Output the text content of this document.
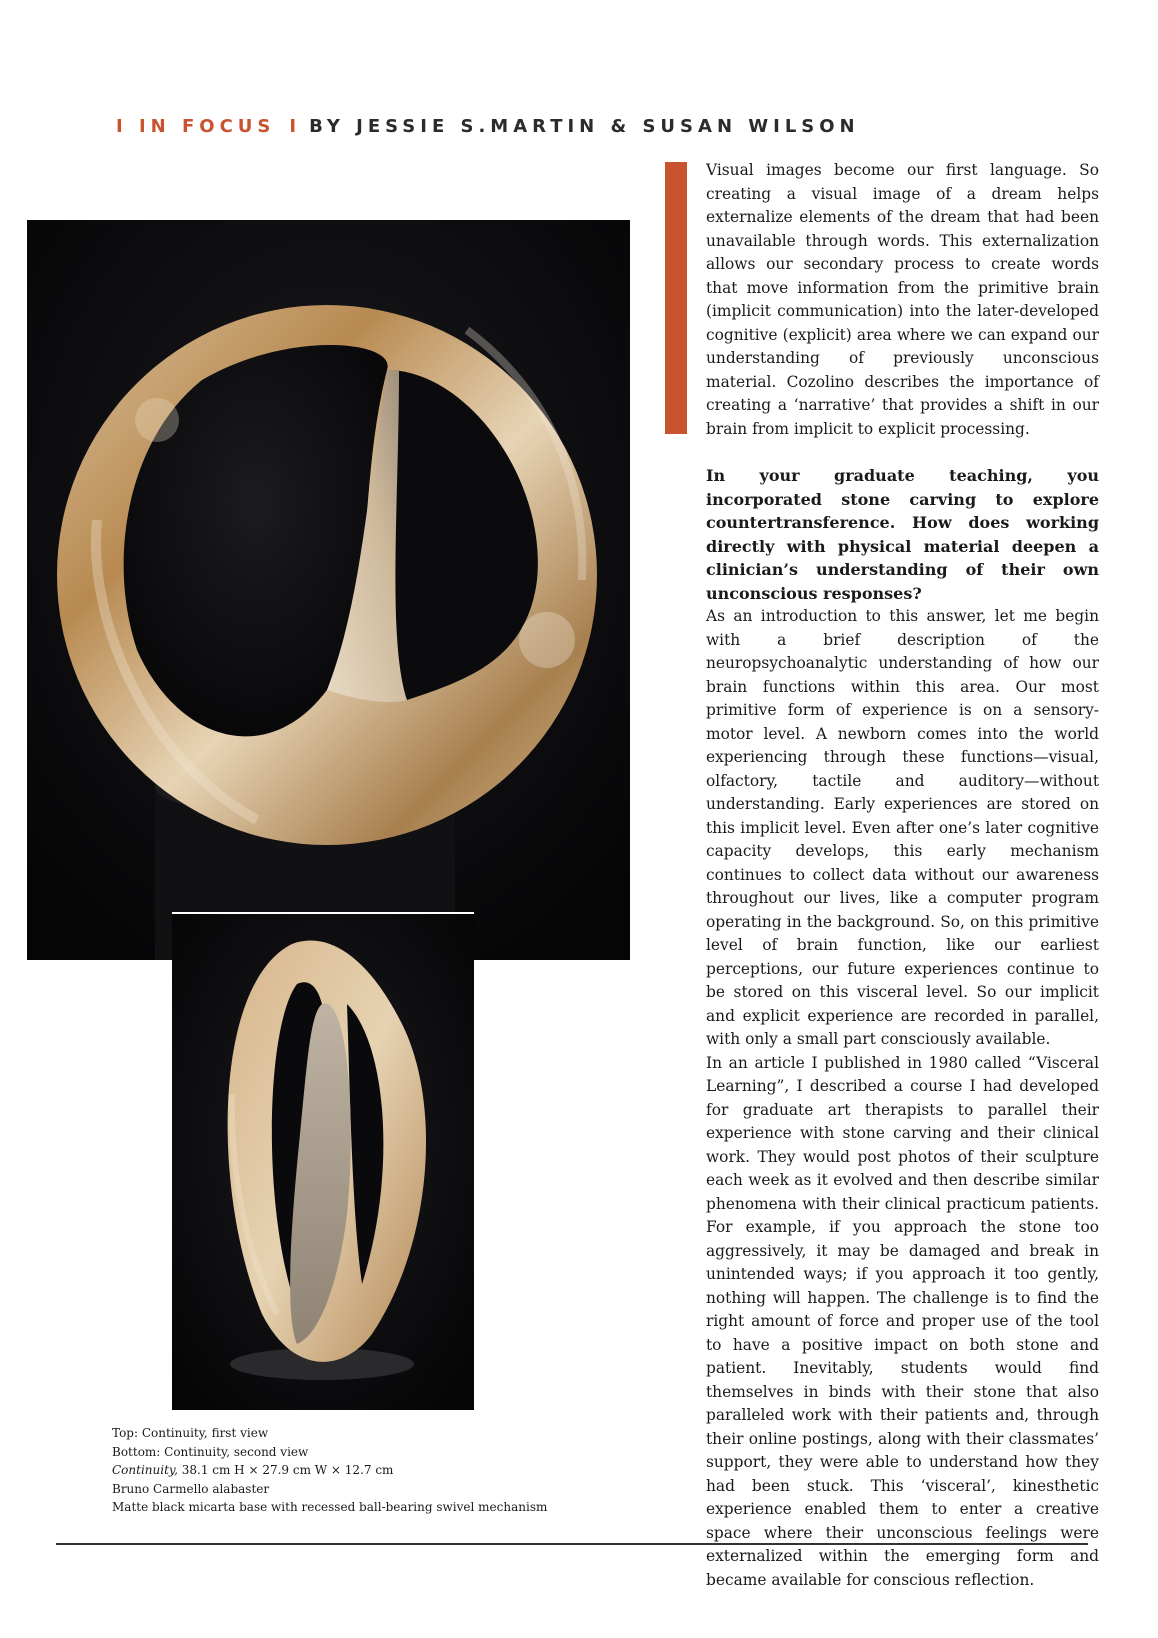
I IN FOCUS I BY JESSIE S.MARTIN & SUSAN WILSON
Top: Continuity, first view
Bottom: Continuity, second view
Continuity, 38.1 cm H × 27.9 cm W × 12.7 cm
Bruno Carmello alabaster
Matte black micarta base with recessed ball-bearing swivel mechanism

Visual images become our first language. So creating a visual image of a dream helps externalize elements of the dream that had been unavailable through words. This externalization allows our secondary process to create words that move information from the primitive brain (implicit communication) into the later-developed cognitive (explicit) area where we can expand our understanding of previously unconscious material. Cozolino describes the importance of creating a ‘narrative’ that provides a shift in our brain from implicit to explicit processing.

In your graduate teaching, you incorporated stone carving to explore countertransference. How does working directly with physical material deepen a clinician’s understanding of their own unconscious responses?

As an introduction to this answer, let me begin with a brief description of the neuropsychoanalytic understanding of how our brain functions within this area. Our most primitive form of experience is on a sensory-motor level. A newborn comes into the world experiencing through these functions—visual, olfactory, tactile and auditory—without understanding. Early experiences are stored on this implicit level. Even after one’s later cognitive capacity develops, this early mechanism continues to collect data without our awareness throughout our lives, like a computer program operating in the background. So, on this primitive level of brain function, like our earliest perceptions, our future experiences continue to be stored on this visceral level. So our implicit and explicit experience are recorded in parallel, with only a small part consciously available.

In an article I published in 1980 called “Visceral Learning”, I described a course I had developed for graduate art therapists to parallel their experience with stone carving and their clinical work. They would post photos of their sculpture each week as it evolved and then describe similar phenomena with their clinical practicum patients. For example, if you approach the stone too aggressively, it may be damaged and break in unintended ways; if you approach it too gently, nothing will happen. The challenge is to find the right amount of force and proper use of the tool to have a positive impact on both stone and patient. Inevitably, students would find themselves in binds with their stone that also paralleled work with their patients and, through their online postings, along with their classmates’ support, they were able to understand how they had been stuck. This ‘visceral’, kinesthetic experience enabled them to enter a creative space where their unconscious feelings were externalized within the emerging form and became available for conscious reflection.
